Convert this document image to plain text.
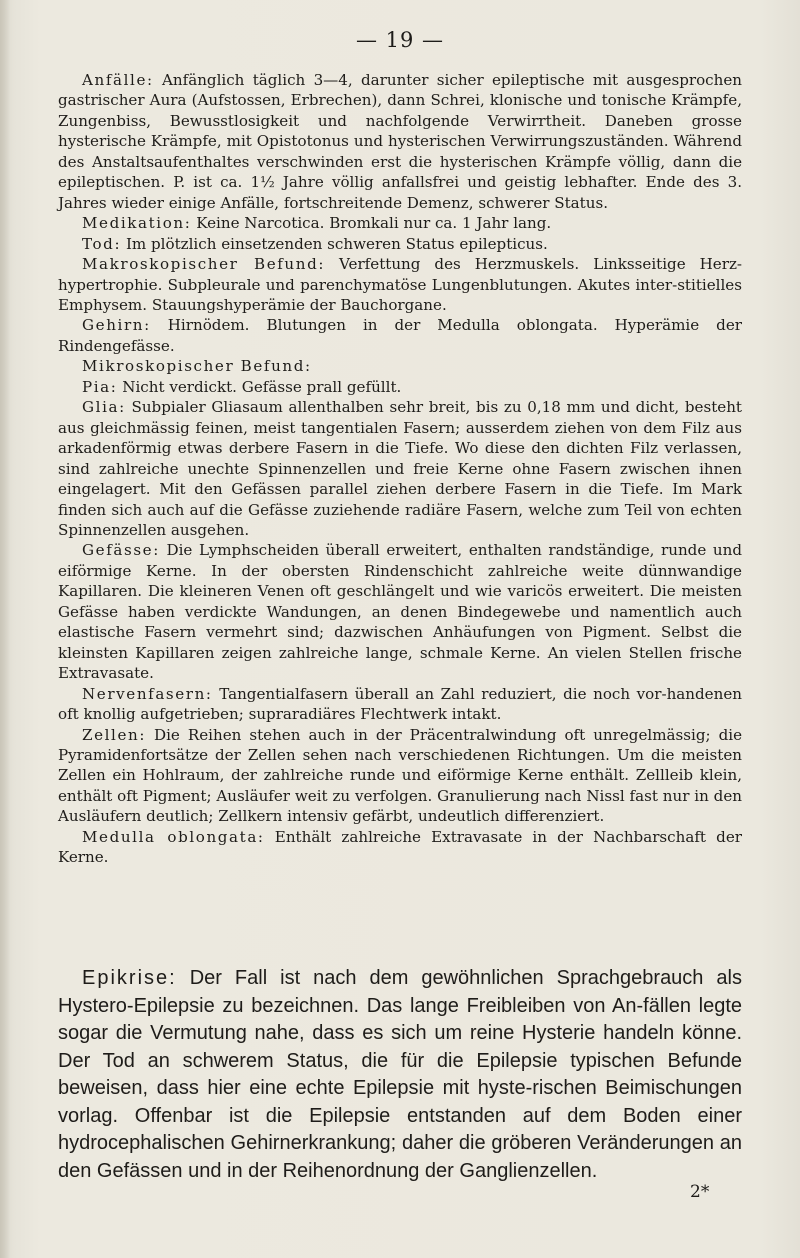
— 19 —

Anfälle: Anfänglich täglich 3—4, darunter sicher epileptische mit ausgesprochen gastrischer Aura (Aufstossen, Erbrechen), dann Schrei, klonische und tonische Krämpfe, Zungenbiss, Bewusstlosigkeit und nachfolgende Verwirrtheit. Daneben grosse hysterische Krämpfe, mit Opistotonus und hysterischen Verwirrungszuständen. Während des Anstaltsaufenthaltes verschwinden erst die hysterischen Krämpfe völlig, dann die epileptischen. P. ist ca. 1½ Jahre völlig anfallsfrei und geistig lebhafter. Ende des 3. Jahres wieder einige Anfälle, fortschreitende Demenz, schwerer Status.

Medikation: Keine Narcotica. Bromkali nur ca. 1 Jahr lang.

Tod: Im plötzlich einsetzenden schweren Status epilepticus.

Makroskopischer Befund: Verfettung des Herzmuskels. Linksseitige Herz-hypertrophie. Subpleurale und parenchymatöse Lungenblutungen. Akutes inter-stitielles Emphysem. Stauungshyperämie der Bauchorgane.

Gehirn: Hirnödem. Blutungen in der Medulla oblongata. Hyperämie der Rindengefässe.

Mikroskopischer Befund:

Pia: Nicht verdickt. Gefässe prall gefüllt.

Glia: Subpialer Gliasaum allenthalben sehr breit, bis zu 0,18 mm und dicht, besteht aus gleichmässig feinen, meist tangentialen Fasern; ausserdem ziehen von dem Filz aus arkadenförmig etwas derbere Fasern in die Tiefe. Wo diese den dichten Filz verlassen, sind zahlreiche unechte Spinnenzellen und freie Kerne ohne Fasern zwischen ihnen eingelagert. Mit den Gefässen parallel ziehen derbere Fasern in die Tiefe. Im Mark finden sich auch auf die Gefässe zuziehende radiäre Fasern, welche zum Teil von echten Spinnenzellen ausgehen.

Gefässe: Die Lymphscheiden überall erweitert, enthalten randständige, runde und eiförmige Kerne. In der obersten Rindenschicht zahlreiche weite dünnwandige Kapillaren. Die kleineren Venen oft geschlängelt und wie varicös erweitert. Die meisten Gefässe haben verdickte Wandungen, an denen Bindegewebe und namentlich auch elastische Fasern vermehrt sind; dazwischen Anhäufungen von Pigment. Selbst die kleinsten Kapillaren zeigen zahlreiche lange, schmale Kerne. An vielen Stellen frische Extravasate.

Nervenfasern: Tangentialfasern überall an Zahl reduziert, die noch vor-handenen oft knollig aufgetrieben; supraradiäres Flechtwerk intakt.

Zellen: Die Reihen stehen auch in der Präcentralwindung oft unregelmässig; die Pyramidenfortsätze der Zellen sehen nach verschiedenen Richtungen. Um die meisten Zellen ein Hohlraum, der zahlreiche runde und eiförmige Kerne enthält. Zellleib klein, enthält oft Pigment; Ausläufer weit zu verfolgen. Granulierung nach Nissl fast nur in den Ausläufern deutlich; Zellkern intensiv gefärbt, undeutlich differenziert.

Medulla oblongata: Enthält zahlreiche Extravasate in der Nachbarschaft der Kerne.

Epikrise: Der Fall ist nach dem gewöhnlichen Sprachgebrauch als Hystero-Epilepsie zu bezeichnen. Das lange Freibleiben von An-fällen legte sogar die Vermutung nahe, dass es sich um reine Hysterie handeln könne. Der Tod an schwerem Status, die für die Epilepsie typischen Befunde beweisen, dass hier eine echte Epilepsie mit hyste-rischen Beimischungen vorlag. Offenbar ist die Epilepsie entstanden auf dem Boden einer hydrocephalischen Gehirnerkrankung; daher die gröberen Veränderungen an den Gefässen und in der Reihenordnung der Ganglienzellen.

2*
